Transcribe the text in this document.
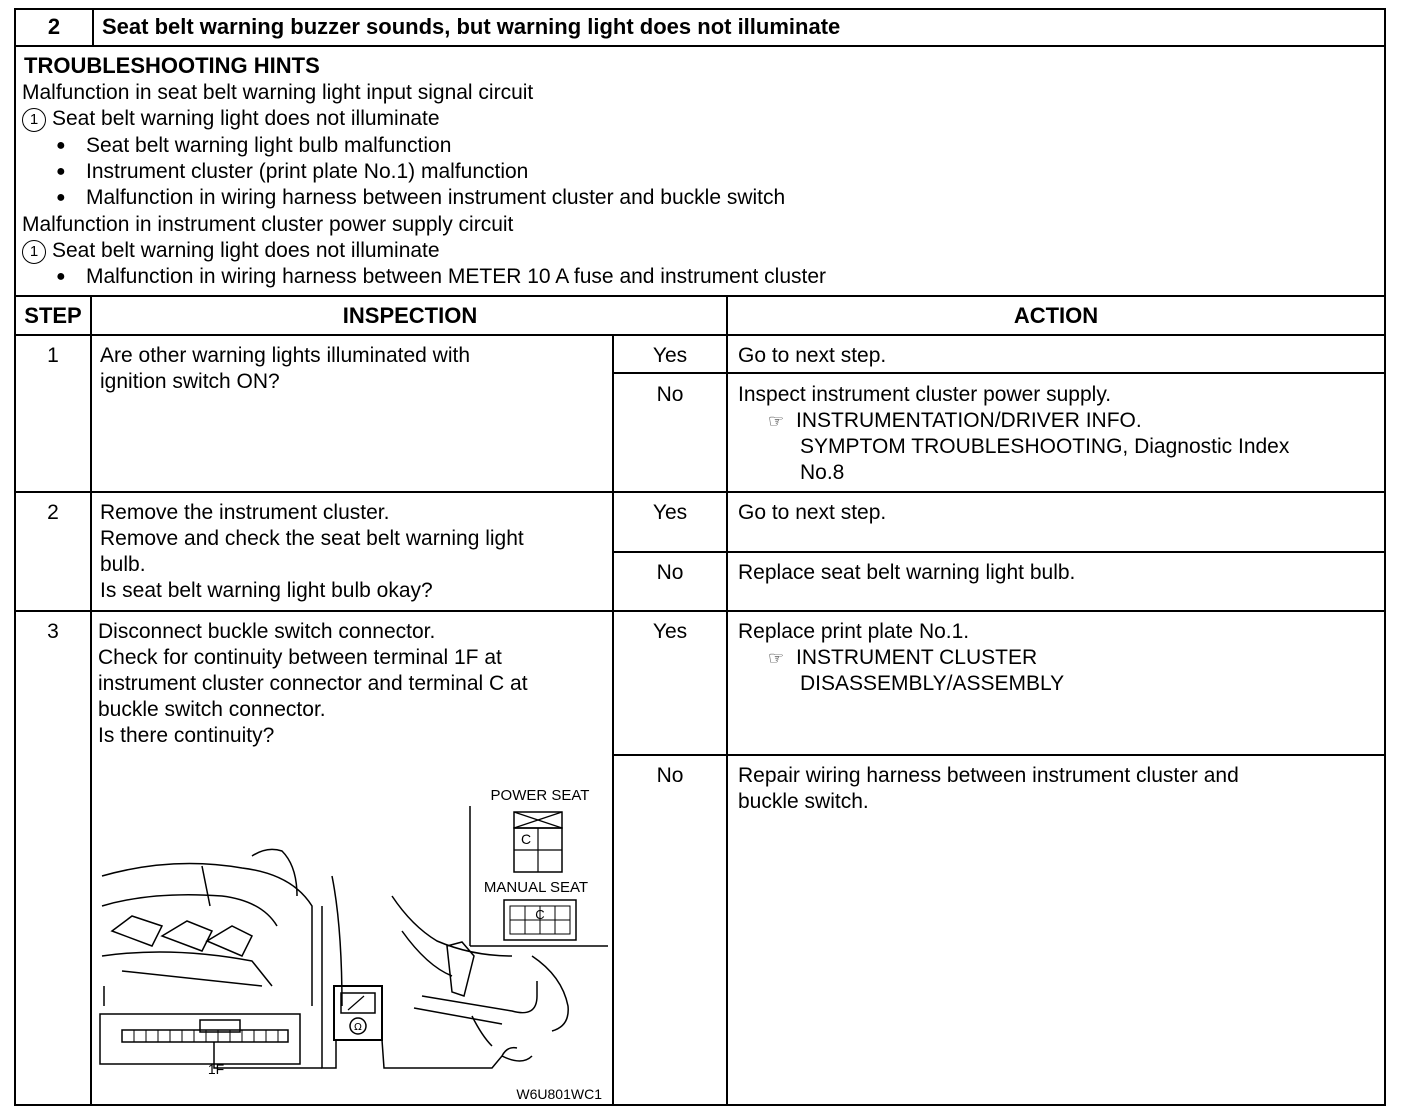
2	Seat belt warning buzzer sounds, but warning light does not illuminate
TROUBLESHOOTING HINTS
Malfunction in seat belt warning light input signal circuit
1 Seat belt warning light does not illuminate
● Seat belt warning light bulb malfunction
● Instrument cluster (print plate No.1) malfunction
● Malfunction in wiring harness between instrument cluster and buckle switch
Malfunction in instrument cluster power supply circuit
1 Seat belt warning light does not illuminate
● Malfunction in wiring harness between METER 10 A fuse and instrument cluster
STEP	INSPECTION	ACTION
1	Are other warning lights illuminated with
ignition switch ON?
Yes	Go to next step.
No	Inspect instrument cluster power supply.
☞ INSTRUMENTATION/DRIVER INFO.
SYMPTOM TROUBLESHOOTING, Diagnostic Index
No.8
2	Remove the instrument cluster.
Remove and check the seat belt warning light
bulb.
Is seat belt warning light bulb okay?
Yes	Go to next step.
No	Replace seat belt warning light bulb.
3	Disconnect buckle switch connector.
Check for continuity between terminal 1F at
instrument cluster connector and terminal C at
buckle switch connector.
Is there continuity?
Yes	Replace print plate No.1.
☞ INSTRUMENT CLUSTER
DISASSEMBLY/ASSEMBLY
No	Repair wiring harness between instrument cluster and
buckle switch.
POWER SEAT
C
MANUAL SEAT
C
1F
Ω
W6U801WC1
